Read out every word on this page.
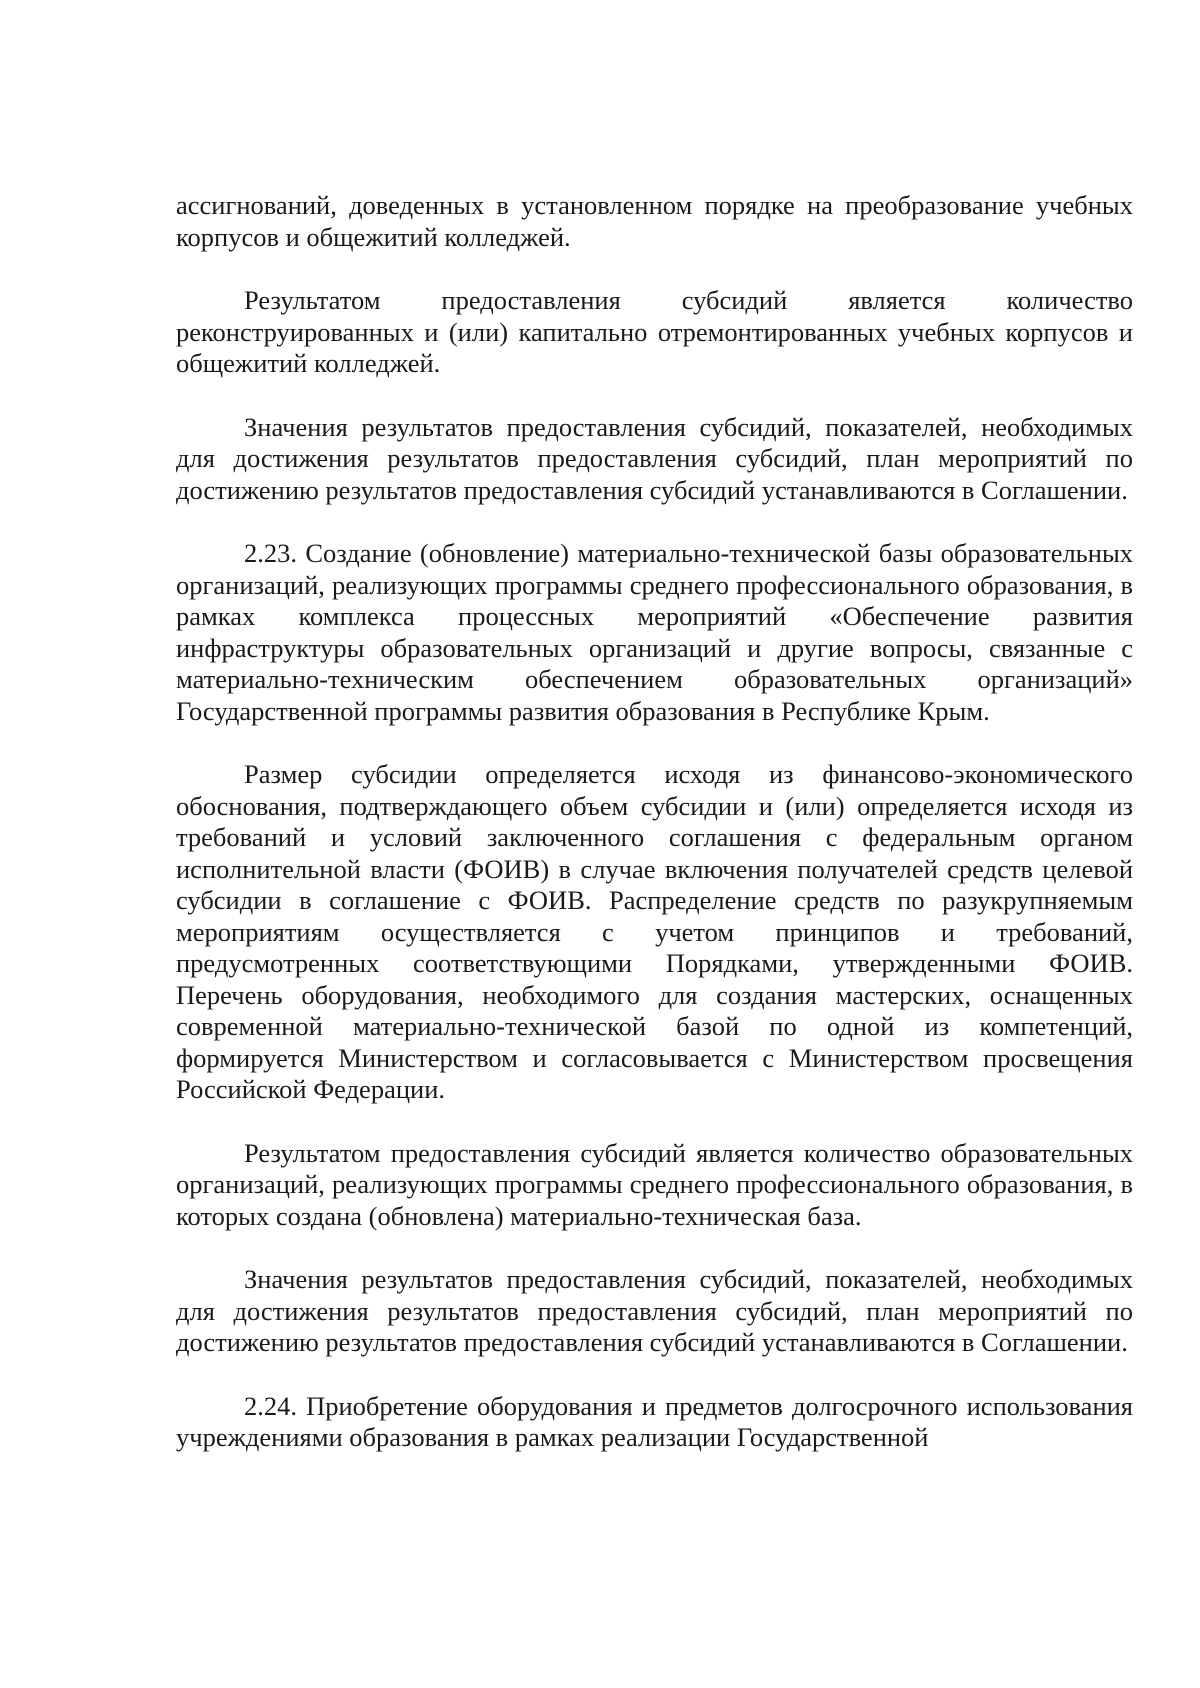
ассигнований, доведенных в установленном порядке на преобразование учебных корпусов и общежитий колледжей.

Результатом предоставления субсидий является количество реконструированных и (или) капитально отремонтированных учебных корпусов и общежитий колледжей.

Значения результатов предоставления субсидий, показателей, необходимых для достижения результатов предоставления субсидий, план мероприятий по достижению результатов предоставления субсидий устанавливаются в Соглашении.

2.23. Создание (обновление) материально-технической базы образовательных организаций, реализующих программы среднего профессионального образования, в рамках комплекса процессных мероприятий «Обеспечение развития инфраструктуры образовательных организаций и другие вопросы, связанные с материально-техническим обеспечением образовательных организаций» Государственной программы развития образования в Республике Крым.

Размер субсидии определяется исходя из финансово-экономического обоснования, подтверждающего объем субсидии и (или) определяется исходя из требований и условий заключенного соглашения с федеральным органом исполнительной власти (ФОИВ) в случае включения получателей средств целевой субсидии в соглашение с ФОИВ. Распределение средств по разукрупняемым мероприятиям осуществляется с учетом принципов и требований, предусмотренных соответствующими Порядками, утвержденными ФОИВ. Перечень оборудования, необходимого для создания мастерских, оснащенных современной материально-технической базой по одной из компетенций, формируется Министерством и согласовывается с Министерством просвещения Российской Федерации.

Результатом предоставления субсидий является количество образовательных организаций, реализующих программы среднего профессионального образования, в которых создана (обновлена) материально-техническая база.

Значения результатов предоставления субсидий, показателей, необходимых для достижения результатов предоставления субсидий, план мероприятий по достижению результатов предоставления субсидий устанавливаются в Соглашении.

2.24. Приобретение оборудования и предметов долгосрочного использования учреждениями образования в рамках реализации Государственной
